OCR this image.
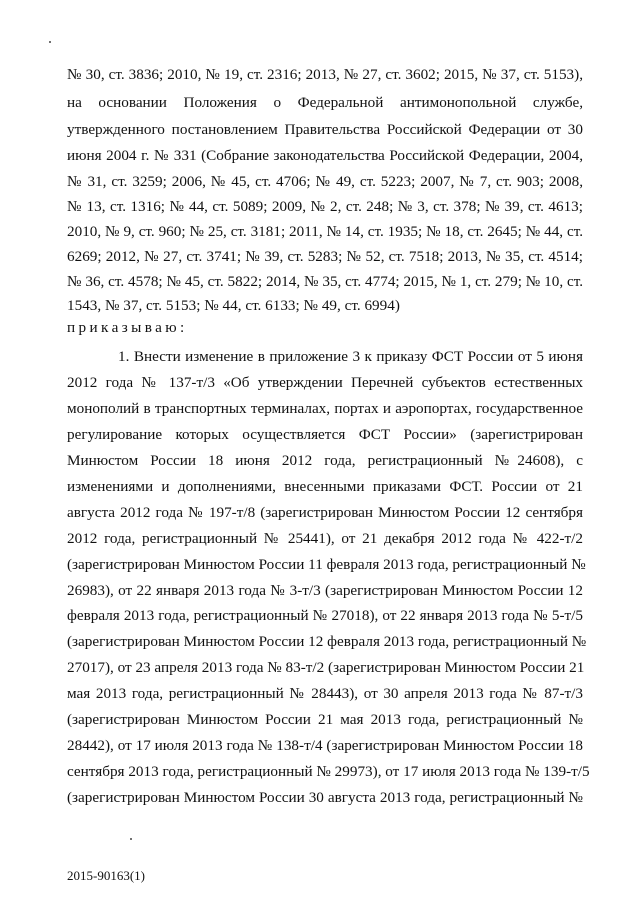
№ 30, ст. 3836; 2010, № 19, ст. 2316; 2013, № 27, ст. 3602; 2015, № 37, ст. 5153),
на основании Положения о Федеральной антимонопольной службе,
утвержденного постановлением Правительства Российской Федерации от 30
июня 2004 г. № 331 (Собрание законодательства Российской Федерации, 2004,
№ 31, ст. 3259; 2006, № 45, ст. 4706; № 49, ст. 5223; 2007, № 7, ст. 903; 2008,
№ 13, ст. 1316; № 44, ст. 5089; 2009, № 2, ст. 248; № 3, ст. 378; № 39, ст. 4613;
2010, № 9, ст. 960; № 25, ст. 3181; 2011, № 14, ст. 1935; № 18, ст. 2645; № 44, ст.
6269; 2012, № 27, ст. 3741; № 39, ст. 5283; № 52, ст. 7518; 2013, № 35, ст. 4514;
№ 36, ст. 4578; № 45, ст. 5822; 2014, № 35, ст. 4774; 2015, № 1, ст. 279; № 10, ст.
1543, № 37, ст. 5153; № 44, ст. 6133; № 49, ст. 6994)
приказываю:
1. Внести изменение в приложение 3 к приказу ФСТ России от 5 июня
2012 года № 137-т/3 «Об утверждении Перечней субъектов естественных
монополий в транспортных терминалах, портах и аэропортах, государственное
регулирование которых осуществляется ФСТ России» (зарегистрирован
Минюстом России 18 июня 2012 года, регистрационный №24608), с
изменениями и дополнениями, внесенными приказами ФСТ. России от 21
августа 2012 года № 197-т/8 (зарегистрирован Минюстом России 12 сентября
2012 года, регистрационный № 25441), от 21 декабря 2012 года № 422-т/2
(зарегистрирован Минюстом России 11 февраля 2013 года, регистрационный №
26983), от 22 января 2013 года № 3-т/3 (зарегистрирован Минюстом России 12
февраля 2013 года, регистрационный № 27018), от 22 января 2013 года № 5-т/5
(зарегистрирован Минюстом России 12 февраля 2013 года, регистрационный №
27017), от 23 апреля 2013 года № 83-т/2 (зарегистрирован Минюстом России 21
мая 2013 года, регистрационный № 28443), от 30 апреля 2013 года № 87-т/3
(зарегистрирован Минюстом России 21 мая 2013 года, регистрационный №
28442), от 17 июля 2013 года № 138-т/4 (зарегистрирован Минюстом России 18
сентября 2013 года, регистрационный № 29973), от 17 июля 2013 года № 139-т/5
(зарегистрирован Минюстом России 30 августа 2013 года, регистрационный №
2015-90163(1)
